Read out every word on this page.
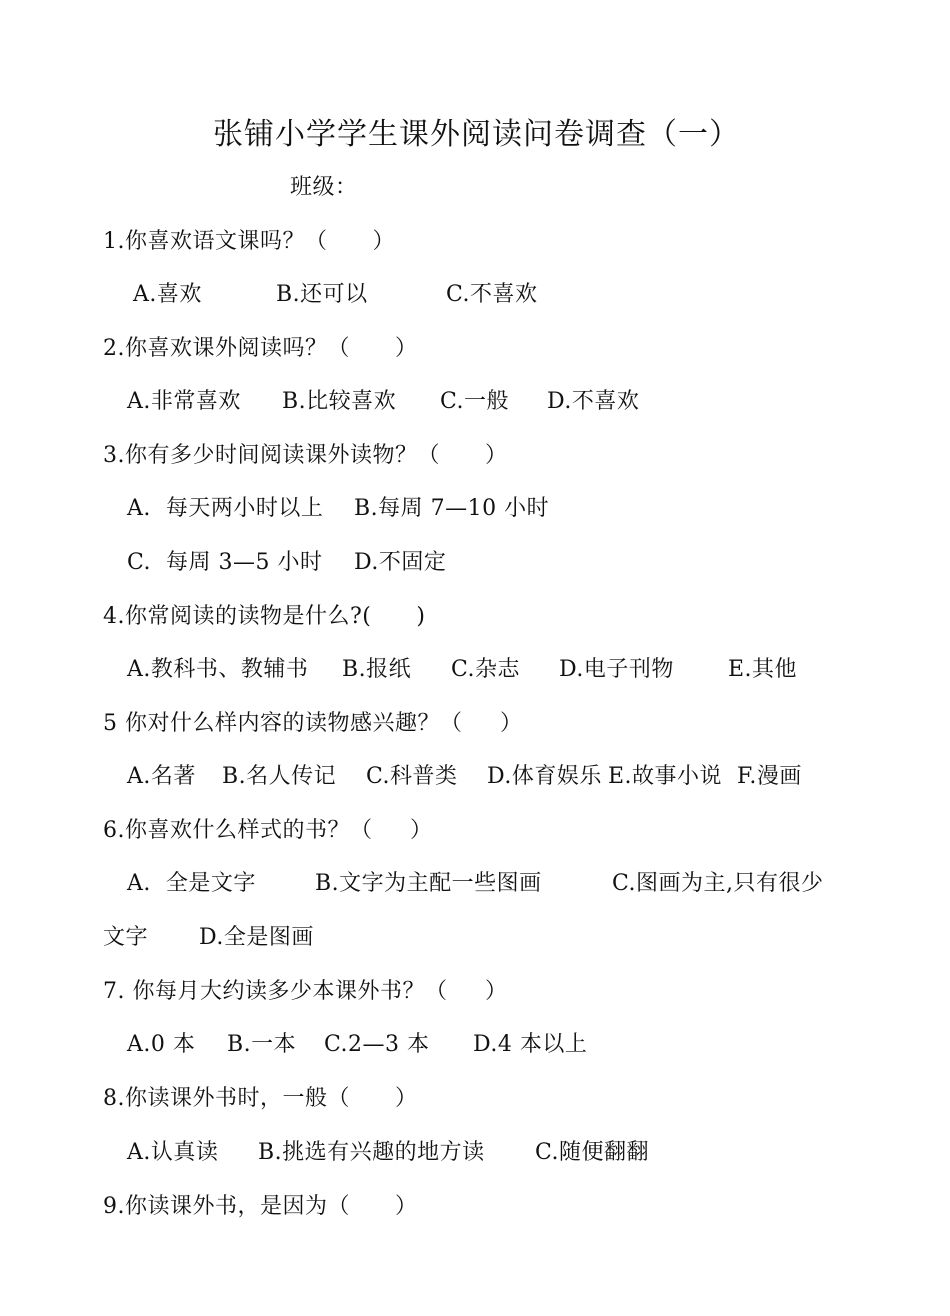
张铺小学学生课外阅读问卷调查（一）
班级：
1.你喜欢语文课吗？（      ）
A.喜欢	B.还可以	C.不喜欢
2.你喜欢课外阅读吗？（      ）
A.非常喜欢 B.比较喜欢 C.一般 D.不喜欢
3.你有多少时间阅读课外读物？（      ）
A.  每天两小时以上 B.每周 7—10 小时
C.  每周 3—5 小时 D.不固定
4.你常阅读的读物是什么?(      )
A.教科书、教辅书 B.报纸 C.杂志 D.电子刊物 E.其他
5 你对什么样内容的读物感兴趣？（     ）
A.名著 B.名人传记 C.科普类 D.体育娱乐 E.故事小说 F.漫画
6.你喜欢什么样式的书？（     ）
A.  全是文字	B.文字为主配一些图画	C.图画为主,只有很少
文字 D.全是图画
7. 你每月大约读多少本课外书？（     ）
A.0 本 B.一本 C.2—3 本 D.4 本以上
8.你读课外书时，一般（      ）
A.认真读 B.挑选有兴趣的地方读 C.随便翻翻
9.你读课外书，是因为（      ）
